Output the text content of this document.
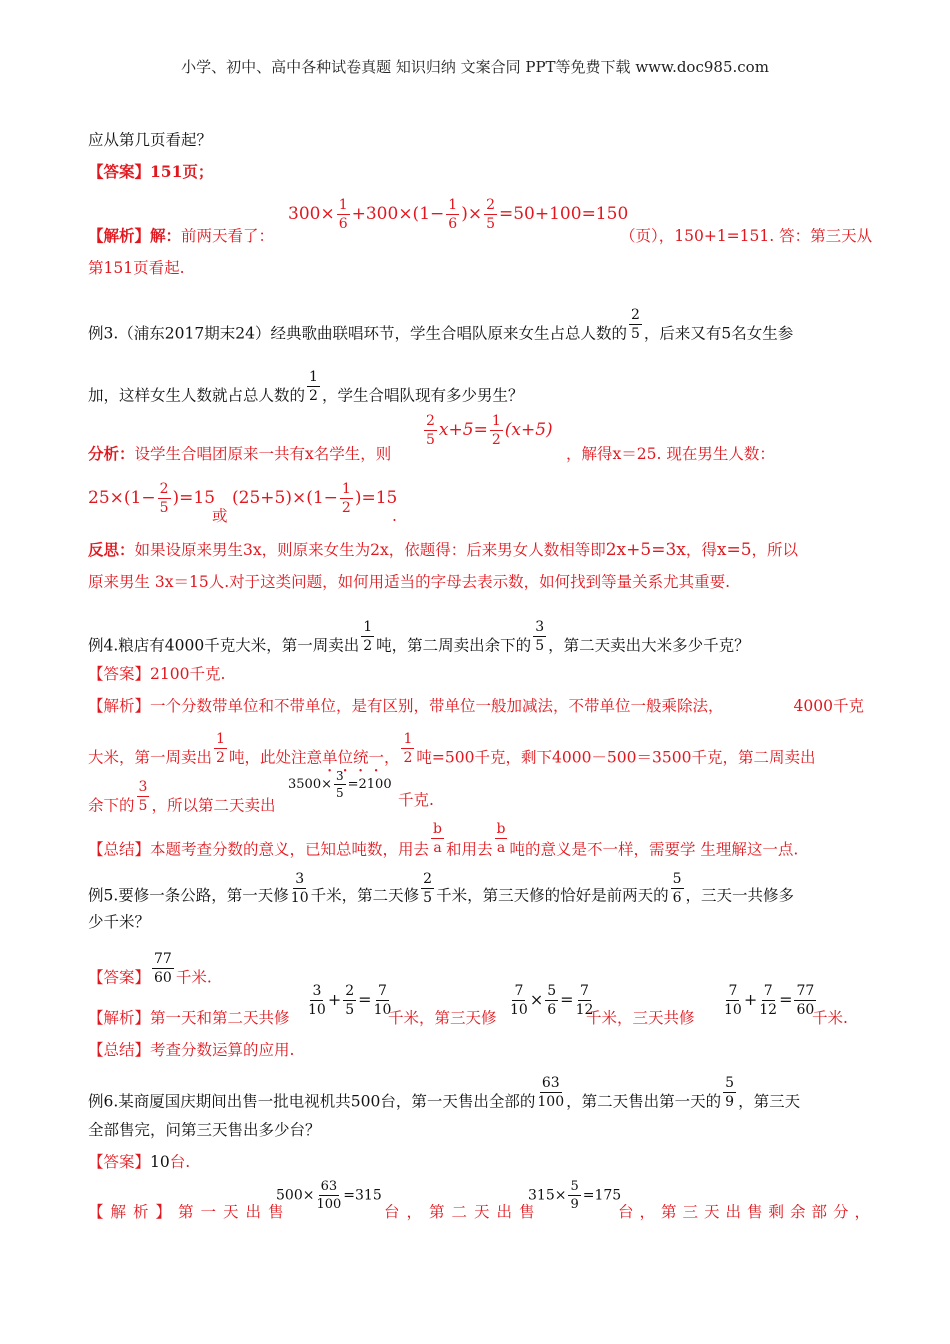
小学、初中、高中各种试卷真题 知识归纳 文案合同 PPT等免费下载 www.doc985.com
应从第几页看起？
【答案】151页；
$300\times \frac{1}{6} +300\times(1- \frac{1}{6}$ )× $\frac{2}{5} =50+100=150$
【解析】解：前两天看了：	（页），150+1=151. 答：第三天从
第151页看起.
例3.（浦东2017期末24）经典歌曲联唱环节，学生合唱队原来女生占总人数的 $\frac{2}{5}$ ，后来又有5名女生参
加，这样女生人数就占总人数的 $\frac{1}{2}$ ，学生合唱队现有多少男生？
分析：设学生合唱团原来一共有x名学生，则
$\frac{2}{5} x+5= \frac{1}{2} (x+5)$
，解得x＝25. 现在男生人数：
$25\times(1- \frac{2}{5} )=15$
或
$(25+5)\times(1- \frac{1}{2} )=15$
.
反思：如果设原来男生3x，则原来女生为2x，依题得：后来男女人数相等即2x+5=3x，得x=5，所以
原来男生 3x＝15人.对于这类问题，如何用适当的字母去表示数，如何找到等量关系尤其重要.
例4.粮店有4000千克大米，第一周卖出 $\frac{1}{2}$ 吨，第二周卖出余下的 $\frac{3}{5}$ ，第二天卖出大米多少千克？
【答案】2100千克.
【解析】一个分数带单位和不带单位，是有区别，带单位一般加减法，不带单位一般乘除法，	4000千克
大米，第一周卖出 $\frac{1}{2}$ 吨，此处注意单位统一， $\frac{1}{2}$ 吨=500千克，剩下4000－500＝3500千克，第二周卖出
余下的 $\frac{3}{5}$ ，所以第二天卖出
$3500\times \frac{3}{5} =2100$
千克.
【总结】本题考查分数的意义，已知总吨数，用去 $\frac{b}{a}$ 和用去 $\frac{b}{a}$ 吨的意义是不一样，需要学 生理解这一点.
例5.要修一条公路，第一天修 $\frac{3}{10}$ 千米，第二天修 $\frac{2}{5}$ 千米，第三天修的恰好是前两天的 $\frac{5}{6}$ ，三天一共修多
少千米？
【答案】 $\frac{77}{60}$ 千米.
【解析】第一天和第二天共修
$\frac{3}{10} + \frac{2}{5} = \frac{7}{10}$
千米，第三天修
$\frac{7}{10} \times \frac{5}{6} = \frac{7}{12}$
千米，三天共修
$\frac{7}{10} + \frac{7}{12} = \frac{77}{60}$
千米.
【总结】考查分数运算的应用.
例6.某商厦国庆期间出售一批电视机共500台，第一天售出全部的 $\frac{63}{100}$ ，第二天售出第一天的 $\frac{5}{9}$ ，第三天
全部售完，问第三天售出多少台？
【答案】10台.
【解析】第一天出售
$500\times \frac{63}{100} =315$
台，第二天出售
$315\times \frac{5}{9} =175$
台，第三天出售剩余部分，
